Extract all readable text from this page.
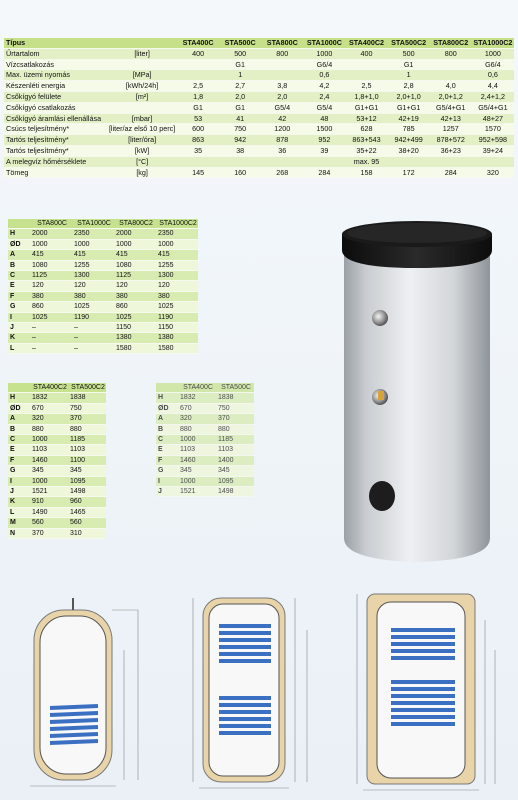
Típus		STA400C	STA500C	STA800C	STA1000C	STA400C2	STA500C2	STA800C2	STA1000C2
Űrtartalom	[liter]	400	500	800	1000	400	500	800	1000
Vízcsatlakozás			G1		G6/4		G1		G6/4
Max. üzemi nyomás	[MPa]		1		0,6		1		0,6
Készenléti energia	[kWh/24h]	2,5	2,7	3,8	4,2	2,5	2,8	4,0	4,4
Csőkígyó felülete	[m²]	1,8	2,0	2,0	2,4	1,8+1,0	2,0+1,0	2,0+1,2	2,4+1,2
Csőkígyó csatlakozás		G1	G1	G5/4	G5/4	G1+G1	G1+G1	G5/4+G1	G5/4+G1
Csőkígyó áramlási ellenállása	[mbar]	53	41	42	48	53+12	42+19	42+13	48+27
Csúcs teljesítmény*	[liter/az első 10 perc]	600	750	1200	1500	628	785	1257	1570
Tartós teljesítmény*	[liter/óra]	863	942	878	952	863+543	942+499	878+572	952+598
Tartós teljesítmény*	[kW]	35	38	36	39	35+22	38+20	36+23	39+24
A melegvíz hőmérséklete	[°C]					max. 95			
Tömeg	[kg]	145	160	268	284	158	172	284	320
	STA800C	STA1000C	STA800C2	STA1000C2
H	2000	2350	2000	2350
ØD	1000	1000	1000	1000
A	415	415	415	415
B	1080	1255	1080	1255
C	1125	1300	1125	1300
E	120	120	120	120
F	380	380	380	380
G	860	1025	860	1025
I	1025	1190	1025	1190
J	–	–	1150	1150
K	–	–	1380	1380
L	–	–	1580	1580
	STA400C2	STA500C2
H	1832	1838
ØD	670	750
A	320	370
B	880	880
C	1000	1185
E	1103	1103
F	1460	1100
G	345	345
I	1000	1095
J	1521	1498
K	910	960
L	1490	1465
M	560	560
N	370	310
	STA400C	STA500C
H	1832	1838
ØD	670	750
A	320	370
B	880	880
C	1000	1185
E	1103	1103
F	1460	1400
G	345	345
I	1000	1095
J	1521	1498
